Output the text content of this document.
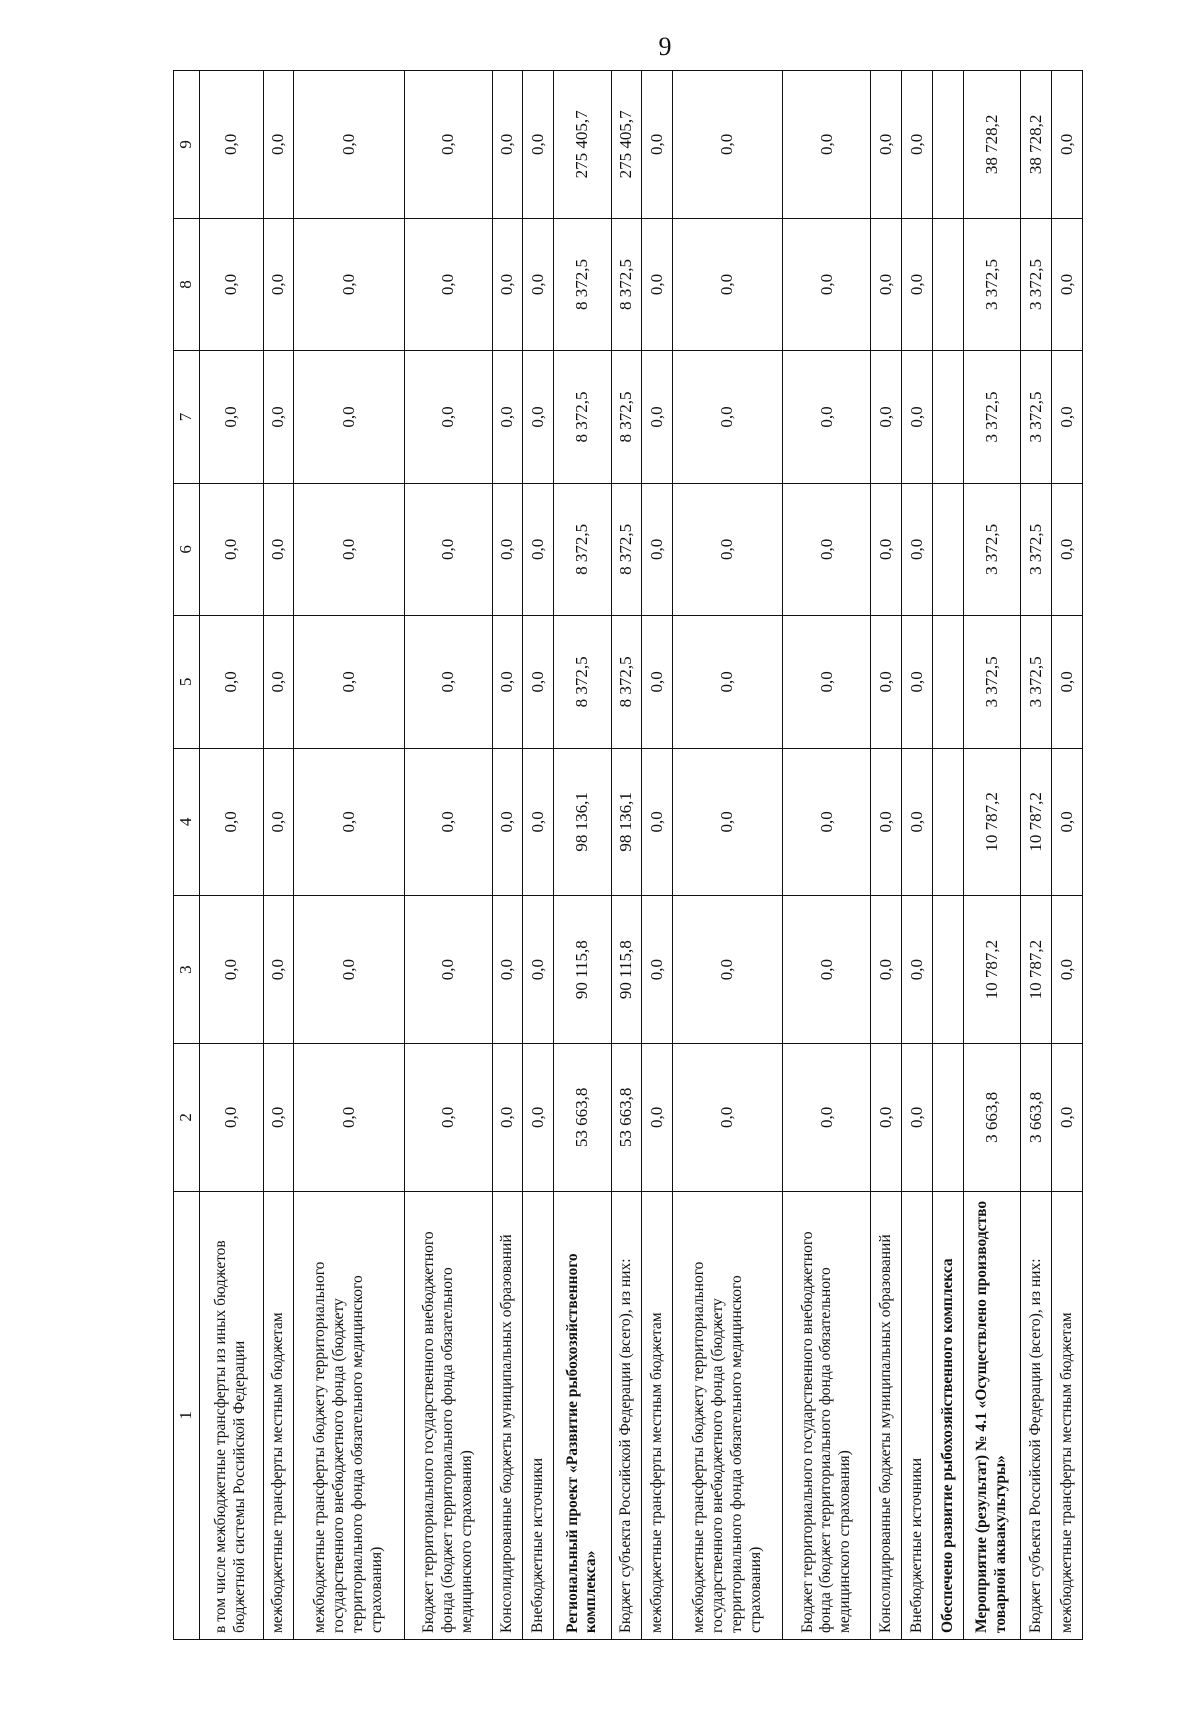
9
1	2	3	4	5	6	7	8	9
в том числе межбюджетные трансферты из иных бюджетов бюджетной системы Российской Федерации	0,0	0,0	0,0	0,0	0,0	0,0	0,0	0,0
межбюджетные трансферты местным бюджетам	0,0	0,0	0,0	0,0	0,0	0,0	0,0	0,0
межбюджетные трансферты бюджету территориального государственного внебюджетного фонда (бюджету территориального фонда обязательного медицинского страхования)	0,0	0,0	0,0	0,0	0,0	0,0	0,0	0,0
Бюджет территориального государственного внебюджетного фонда (бюджет территориального фонда обязательного медицинского страхования)	0,0	0,0	0,0	0,0	0,0	0,0	0,0	0,0
Консолидированные бюджеты муниципальных образований	0,0	0,0	0,0	0,0	0,0	0,0	0,0	0,0
Внебюджетные источники	0,0	0,0	0,0	0,0	0,0	0,0	0,0	0,0
Региональный проект «Развитие рыбохозяйственного комплекса»	53 663,8	90 115,8	98 136,1	8 372,5	8 372,5	8 372,5	8 372,5	275 405,7
Бюджет субъекта Российской Федерации (всего), из них:	53 663,8	90 115,8	98 136,1	8 372,5	8 372,5	8 372,5	8 372,5	275 405,7
межбюджетные трансферты местным бюджетам	0,0	0,0	0,0	0,0	0,0	0,0	0,0	0,0
межбюджетные трансферты бюджету территориального государственного внебюджетного фонда (бюджету территориального фонда обязательного медицинского страхования)	0,0	0,0	0,0	0,0	0,0	0,0	0,0	0,0
Бюджет территориального государственного внебюджетного фонда (бюджет территориального фонда обязательного медицинского страхования)	0,0	0,0	0,0	0,0	0,0	0,0	0,0	0,0
Консолидированные бюджеты муниципальных образований	0,0	0,0	0,0	0,0	0,0	0,0	0,0	0,0
Внебюджетные источники	0,0	0,0	0,0	0,0	0,0	0,0	0,0	0,0
Обеспечено развитие рыбохозяйственного комплекса								
Мероприятие (результат) № 4.1 «Осуществлено производство товарной аквакультуры»	3 663,8	10 787,2	10 787,2	3 372,5	3 372,5	3 372,5	3 372,5	38 728,2
Бюджет субъекта Российской Федерации (всего), из них:	3 663,8	10 787,2	10 787,2	3 372,5	3 372,5	3 372,5	3 372,5	38 728,2
межбюджетные трансферты местным бюджетам	0,0	0,0	0,0	0,0	0,0	0,0	0,0	0,0
